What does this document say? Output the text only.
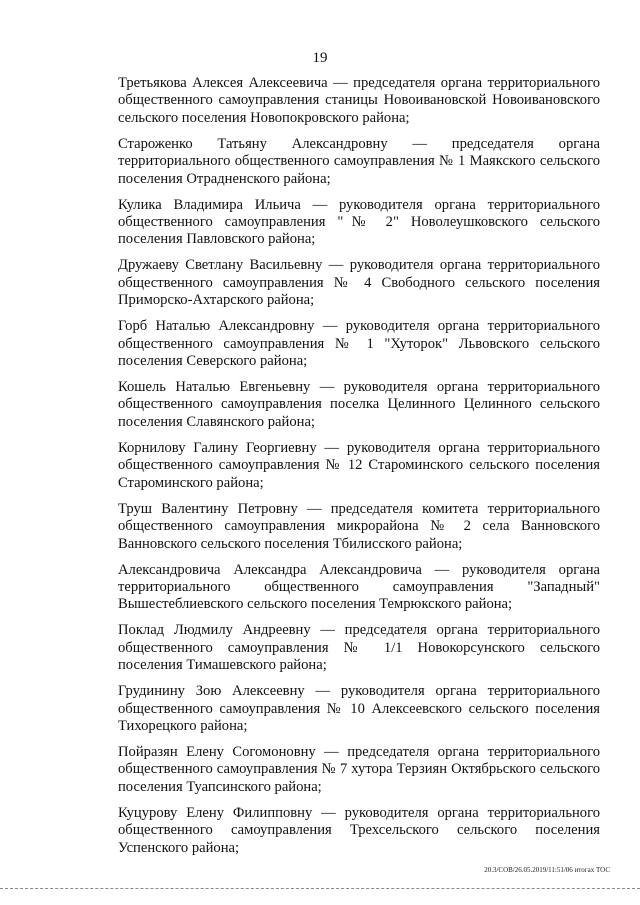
19

Третьякова Алексея Алексеевича — председателя органа территориального общественного самоуправления станицы Новоивановской Новоивановского сельского поселения Новопокровского района;

Староженко Татьяну Александровну — председателя органа территориального общественного самоуправления № 1 Маякского сельского поселения Отрадненского района;

Кулика Владимира Ильича — руководителя органа территориального общественного самоуправления "№ 2" Новолеушковского сельского поселения Павловского района;

Дружаеву Светлану Васильевну — руководителя органа территориального общественного самоуправления № 4 Свободного сельского поселения Приморско-Ахтарского района;

Горб Наталью Александровну — руководителя органа территориального общественного самоуправления № 1 "Хуторок" Львовского сельского поселения Северского района;

Кошель Наталью Евгеньевну — руководителя органа территориального общественного самоуправления поселка Целинного Целинного сельского поселения Славянского района;

Корнилову Галину Георгиевну — руководителя органа территориального общественного самоуправления № 12 Староминского сельского поселения Староминского района;

Труш Валентину Петровну — председателя комитета территориального общественного самоуправления микрорайона № 2 села Ванновского Ванновского сельского поселения Тбилисского района;

Александровича Александра Александровича — руководителя органа территориального общественного самоуправления "Западный" Вышестеблиевского сельского поселения Темрюкского района;

Поклад Людмилу Андреевну — председателя органа территориального общественного самоуправления № 1/1 Новокорсунского сельского поселения Тимашевского района;

Грудинину Зою Алексеевну — руководителя органа территориального общественного самоуправления № 10 Алексеевского сельского поселения Тихорецкого района;

Пойразян Елену Согомоновну — председателя органа территориального общественного самоуправления № 7 хутора Терзиян Октябрьского сельского поселения Туапсинского района;

Куцурову Елену Филипповну — руководителя органа территориального общественного самоуправления Трехсельского сельского поселения Успенского района;

20.3/СОВ/26.05.2019/11:51/06 итогах ТОС
